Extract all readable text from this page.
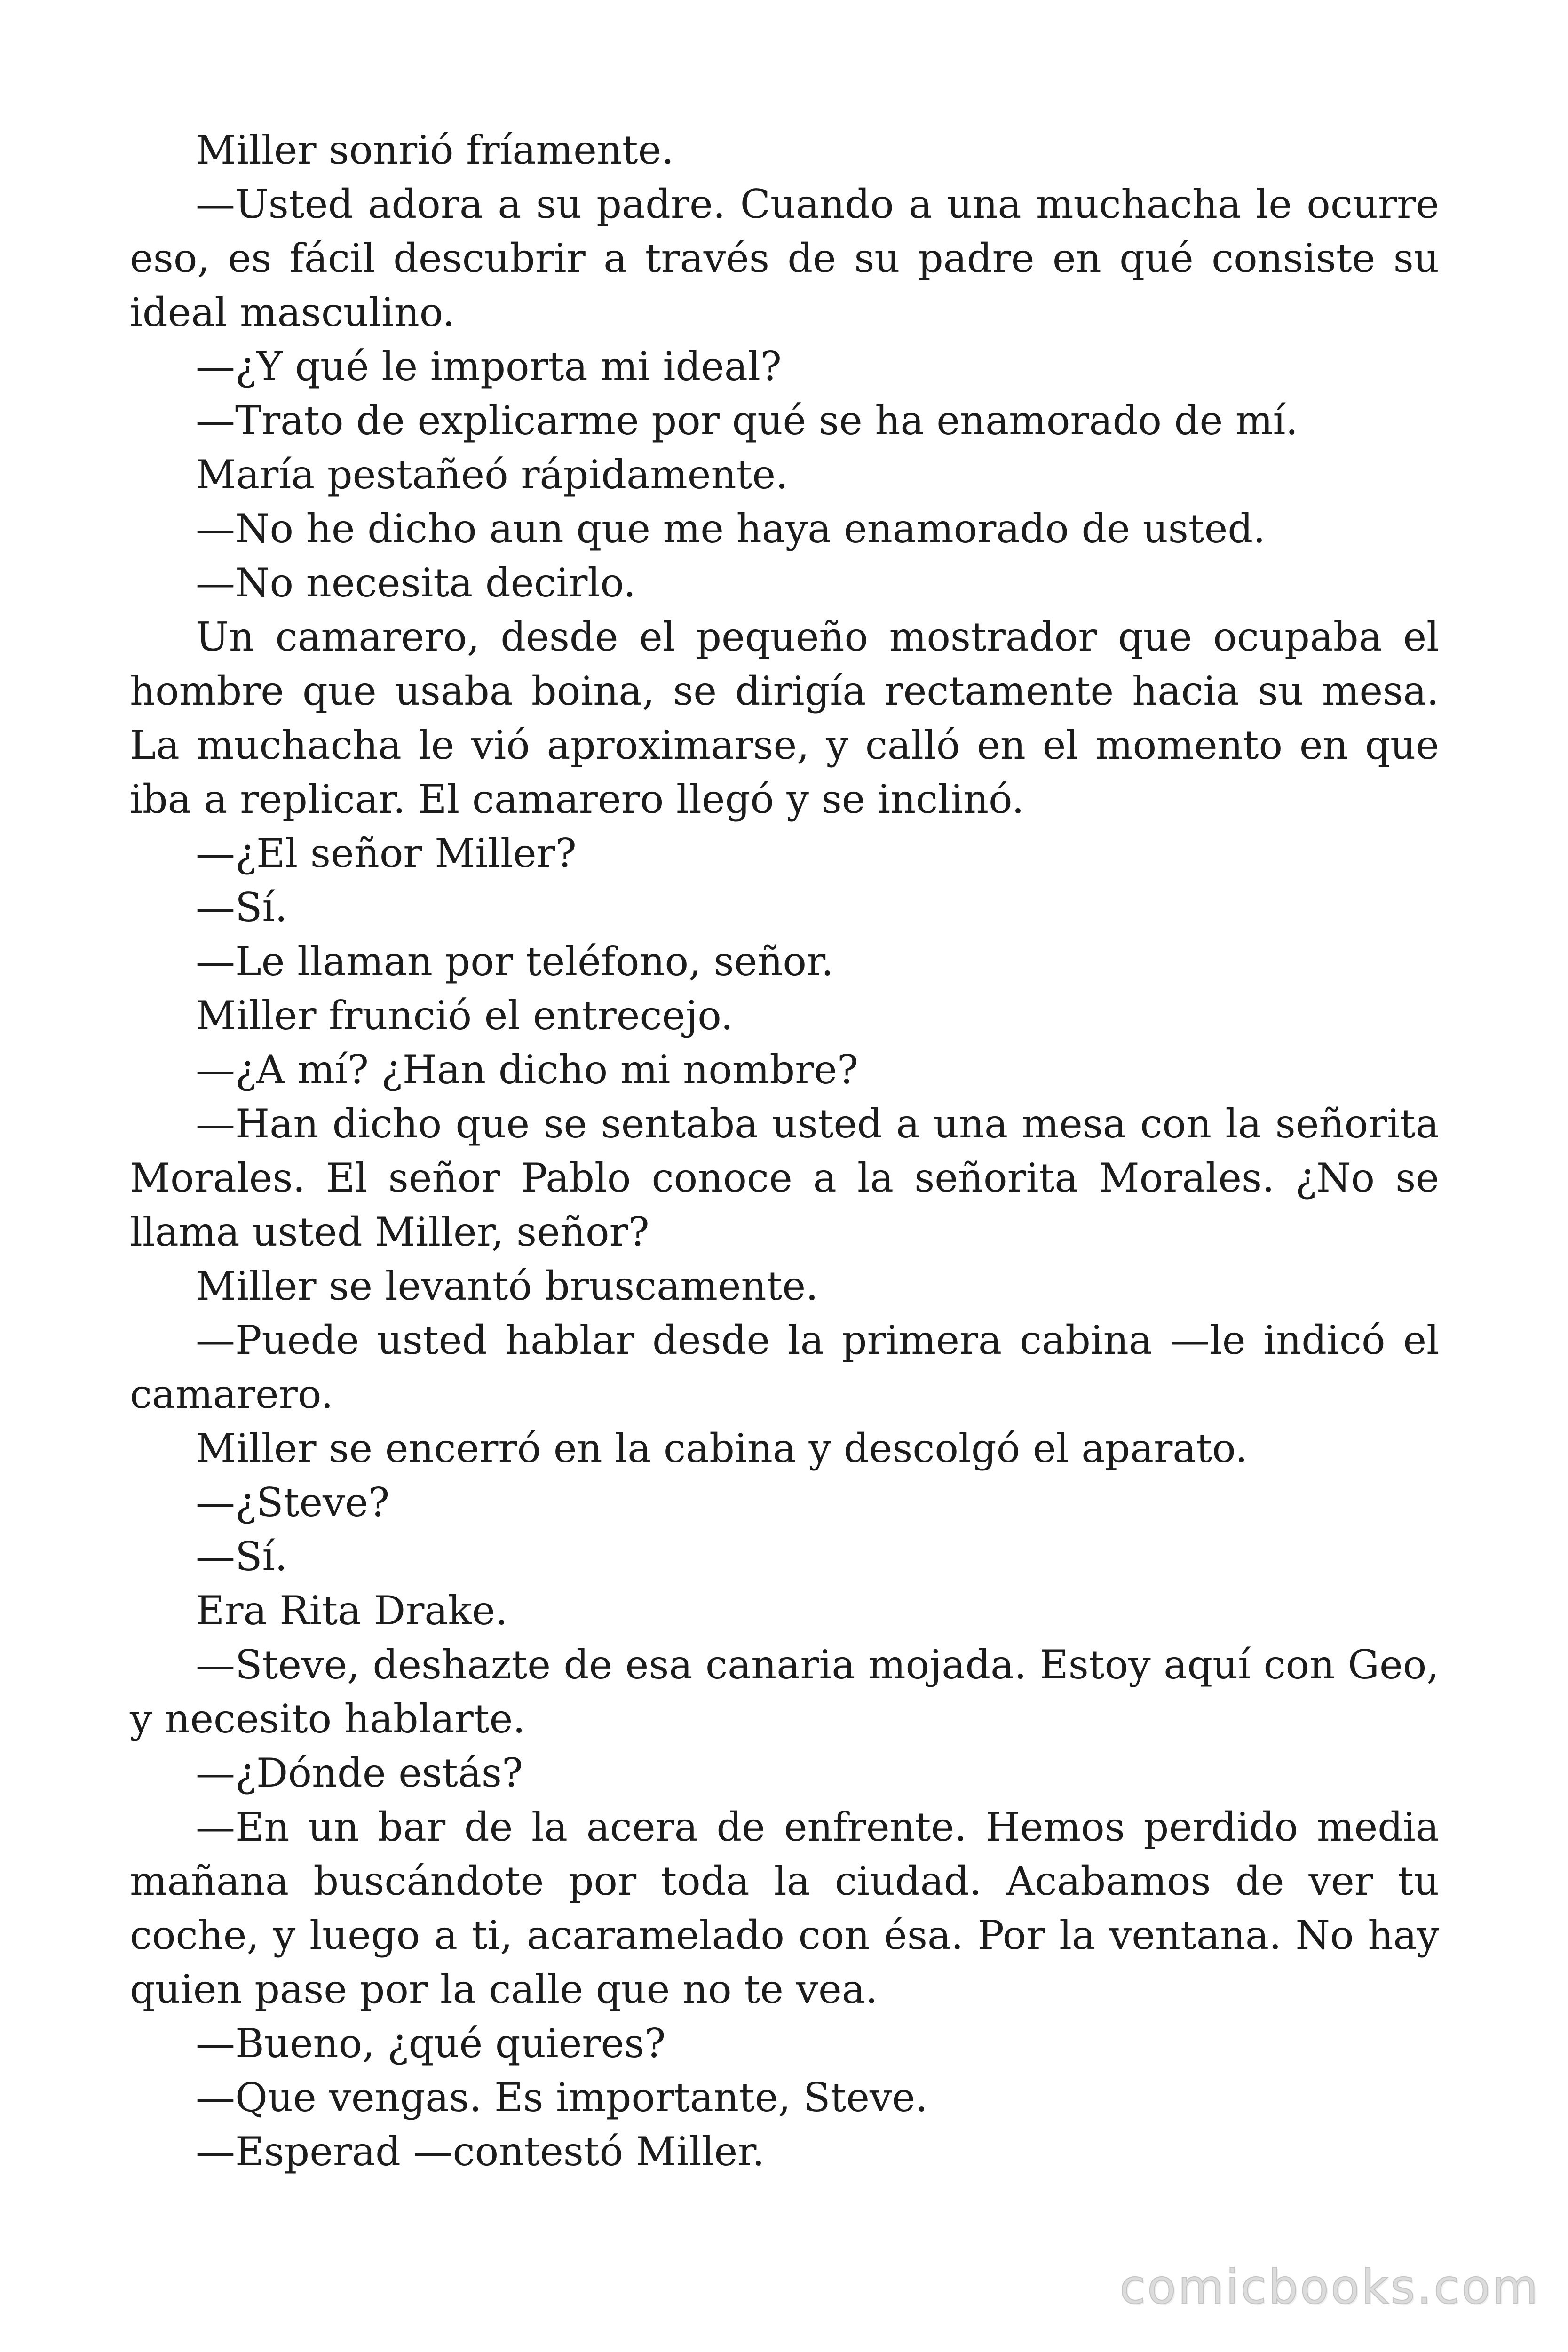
Miller sonrió fríamente.

—Usted adora a su padre. Cuando a una muchacha le ocurre eso, es fácil descubrir a través de su padre en qué consiste su ideal masculino.

—¿Y qué le importa mi ideal?

—Trato de explicarme por qué se ha enamorado de mí.

María pestañeó rápidamente.

—No he dicho aun que me haya enamorado de usted.

—No necesita decirlo.

Un camarero, desde el pequeño mostrador que ocupaba el hombre que usaba boina, se dirigía rectamente hacia su mesa. La muchacha le vió aproximarse, y calló en el momento en que iba a replicar. El camarero llegó y se inclinó.

—¿El señor Miller?

—Sí.

—Le llaman por teléfono, señor.

Miller frunció el entrecejo.

—¿A mí? ¿Han dicho mi nombre?

—Han dicho que se sentaba usted a una mesa con la señorita Morales. El señor Pablo conoce a la señorita Morales. ¿No se llama usted Miller, señor?

Miller se levantó bruscamente.

—Puede usted hablar desde la primera cabina —le indicó el camarero.

Miller se encerró en la cabina y descolgó el aparato.

—¿Steve?

—Sí.

Era Rita Drake.

—Steve, deshazte de esa canaria mojada. Estoy aquí con Geo, y necesito hablarte.

—¿Dónde estás?

—En un bar de la acera de enfrente. Hemos perdido media mañana buscándote por toda la ciudad. Acabamos de ver tu coche, y luego a ti, acaramelado con ésa. Por la ventana. No hay quien pase por la calle que no te vea.

—Bueno, ¿qué quieres?

—Que vengas. Es importante, Steve.

—Esperad —contestó Miller.

comicbooks.com
